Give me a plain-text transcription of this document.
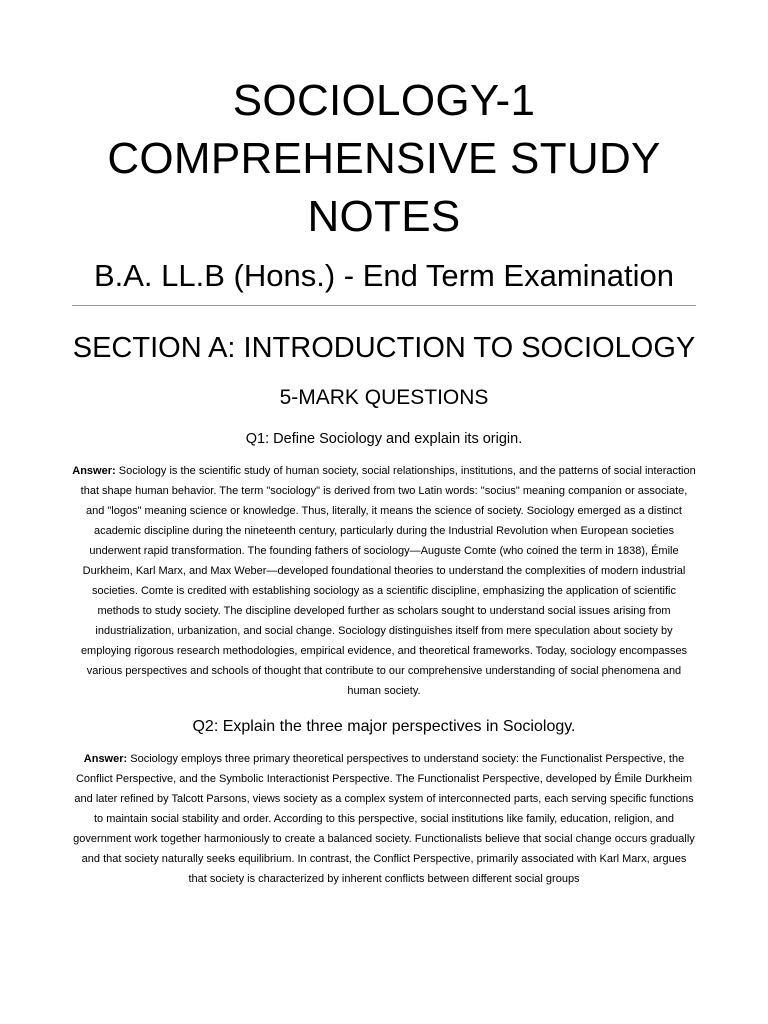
SOCIOLOGY-1 COMPREHENSIVE STUDY NOTES
B.A. LL.B (Hons.) - End Term Examination
SECTION A: INTRODUCTION TO SOCIOLOGY
5-MARK QUESTIONS
Q1: Define Sociology and explain its origin.

Answer: Sociology is the scientific study of human society, social relationships, institutions, and the patterns of social interaction that shape human behavior. The term "sociology" is derived from two Latin words: "socius" meaning companion or associate, and "logos" meaning science or knowledge. Thus, literally, it means the science of society. Sociology emerged as a distinct academic discipline during the nineteenth century, particularly during the Industrial Revolution when European societies underwent rapid transformation. The founding fathers of sociology—Auguste Comte (who coined the term in 1838), Émile Durkheim, Karl Marx, and Max Weber—developed foundational theories to understand the complexities of modern industrial societies. Comte is credited with establishing sociology as a scientific discipline, emphasizing the application of scientific methods to study society. The discipline developed further as scholars sought to understand social issues arising from industrialization, urbanization, and social change. Sociology distinguishes itself from mere speculation about society by employing rigorous research methodologies, empirical evidence, and theoretical frameworks. Today, sociology encompasses various perspectives and schools of thought that contribute to our comprehensive understanding of social phenomena and human society.

Q2: Explain the three major perspectives in Sociology.

Answer: Sociology employs three primary theoretical perspectives to understand society: the Functionalist Perspective, the Conflict Perspective, and the Symbolic Interactionist Perspective. The Functionalist Perspective, developed by Émile Durkheim and later refined by Talcott Parsons, views society as a complex system of interconnected parts, each serving specific functions to maintain social stability and order. According to this perspective, social institutions like family, education, religion, and government work together harmoniously to create a balanced society. Functionalists believe that social change occurs gradually and that society naturally seeks equilibrium. In contrast, the Conflict Perspective, primarily associated with Karl Marx, argues that society is characterized by inherent conflicts between different social groups
